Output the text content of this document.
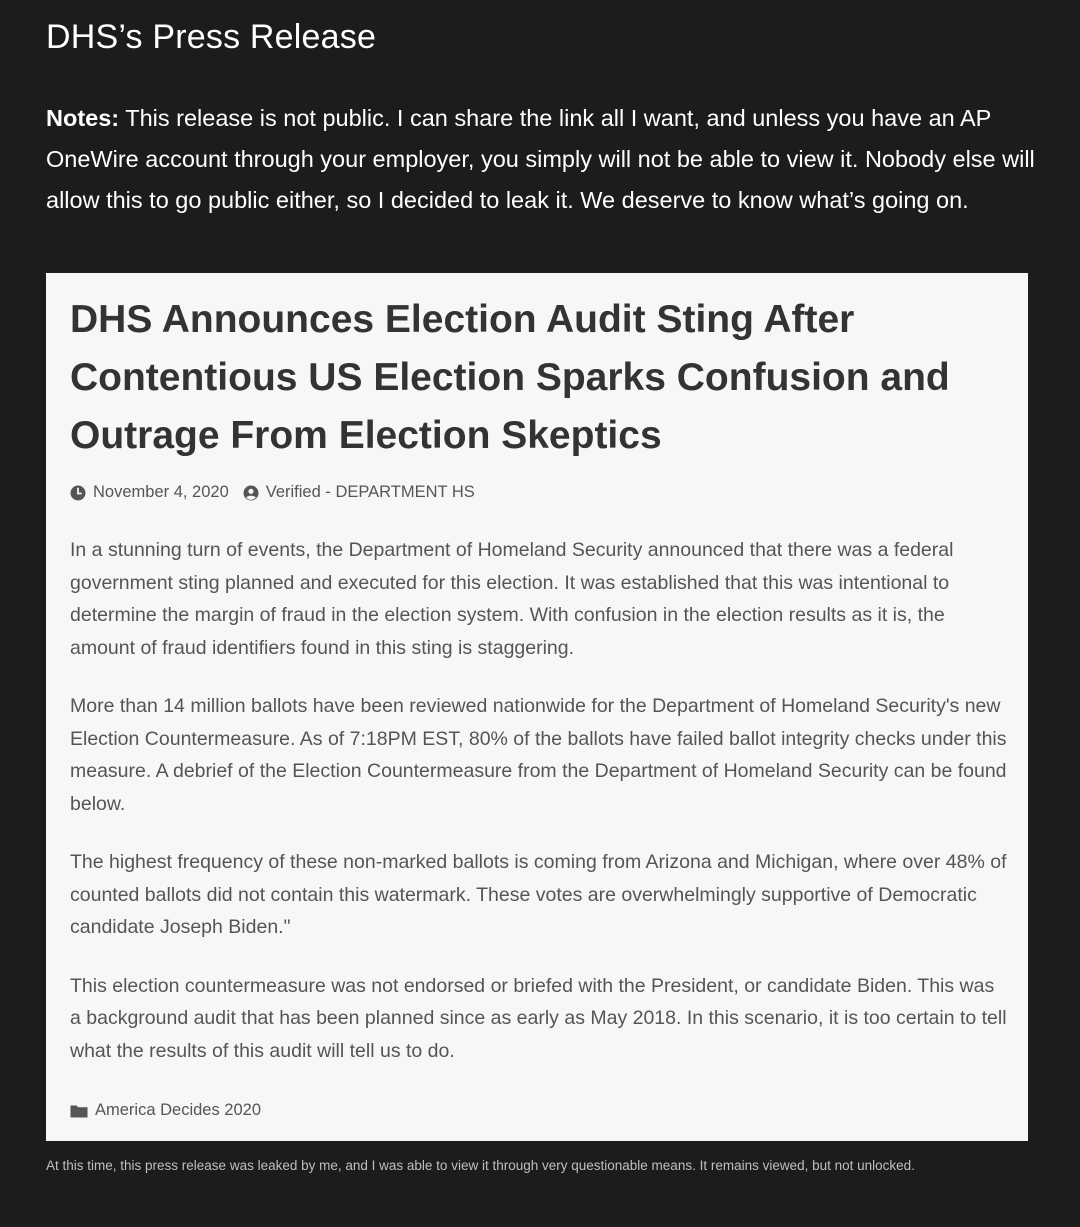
DHS’s Press Release

Notes: This release is not public. I can share the link all I want, and unless you have an AP OneWire account through your employer, you simply will not be able to view it. Nobody else will allow this to go public either, so I decided to leak it. We deserve to know what’s going on.

DHS Announces Election Audit Sting After Contentious US Election Sparks Confusion and Outrage From Election Skeptics
November 4, 2020 Verified - DEPARTMENT HS

In a stunning turn of events, the Department of Homeland Security announced that there was a federal government sting planned and executed for this election. It was established that this was intentional to determine the margin of fraud in the election system. With confusion in the election results as it is, the amount of fraud identifiers found in this sting is staggering.

More than 14 million ballots have been reviewed nationwide for the Department of Homeland Security's new Election Countermeasure. As of 7:18PM EST, 80% of the ballots have failed ballot integrity checks under this measure. A debrief of the Election Countermeasure from the Department of Homeland Security can be found below.

The highest frequency of these non-marked ballots is coming from Arizona and Michigan, where over 48% of counted ballots did not contain this watermark. These votes are overwhelmingly supportive of Democratic candidate Joseph Biden."

This election countermeasure was not endorsed or briefed with the President, or candidate Biden. This was a background audit that has been planned since as early as May 2018. In this scenario, it is too certain to tell what the results of this audit will tell us to do.

America Decides 2020

At this time, this press release was leaked by me, and I was able to view it through very questionable means. It remains viewed, but not unlocked.
